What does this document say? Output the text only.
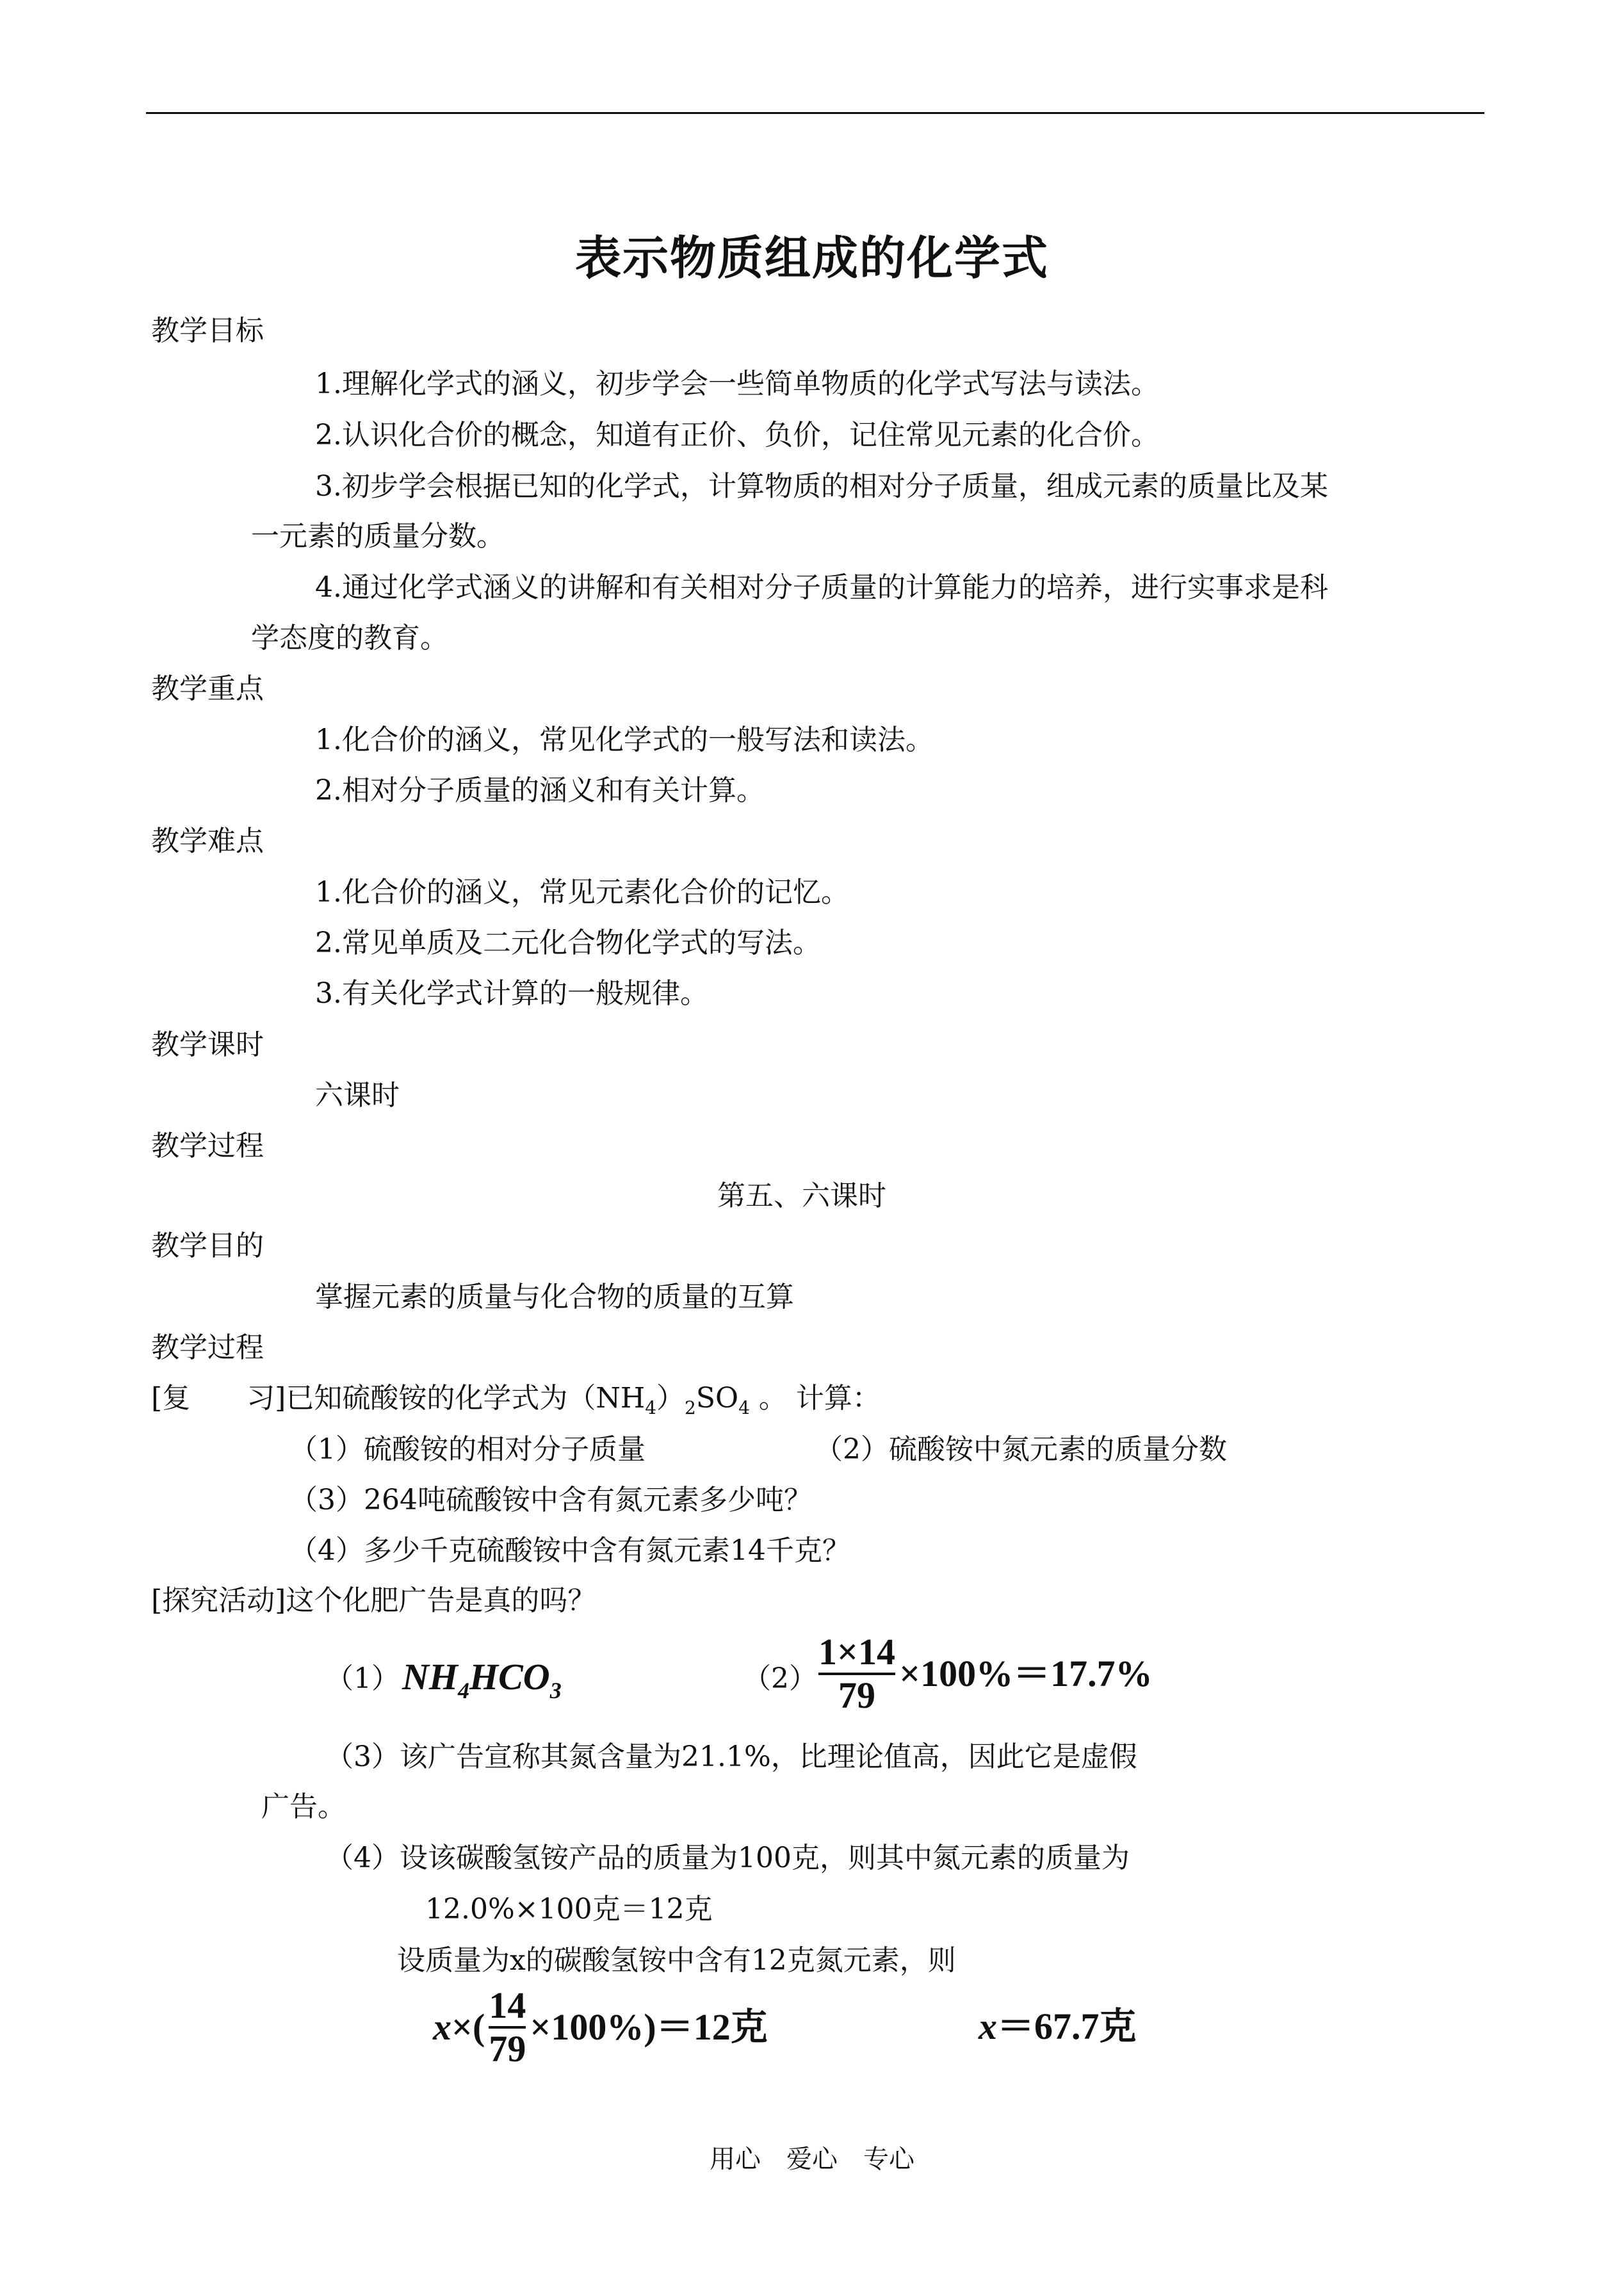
表示物质组成的化学式
教学目标
1.理解化学式的涵义，初步学会一些简单物质的化学式写法与读法。
2.认识化合价的概念，知道有正价、负价，记住常见元素的化合价。
3.初步学会根据已知的化学式，计算物质的相对分子质量，组成元素的质量比及某
一元素的质量分数。
4.通过化学式涵义的讲解和有关相对分子质量的计算能力的培养，进行实事求是科
学态度的教育。
教学重点
1.化合价的涵义，常见化学式的一般写法和读法。
2.相对分子质量的涵义和有关计算。
教学难点
1.化合价的涵义，常见元素化合价的记忆。
2.常见单质及二元化合物化学式的写法。
3.有关化学式计算的一般规律。
教学课时
六课时
教学过程
第五、六课时
教学目的
掌握元素的质量与化合物的质量的互算
教学过程
[复　　习]已知硫酸铵的化学式为$(NH_4)_2SO_4$ 。 计算：
（1）硫酸铵的相对分子质量	（2）硫酸铵中氮元素的质量分数
（3）264吨硫酸铵中含有氮元素多少吨？
（4）多少千克硫酸铵中含有氮元素14千克？
[探究活动]这个化肥广告是真的吗？
（1） $NH_4HCO_3$	$(2) \frac{1\times 14}{79} \times 100\%=17.7\%$
（3）该广告宣称其氮含量为21.1%，比理论值高，因此它是虚假
广告。
（4）设该碳酸氢铵产品的质量为100克，则其中氮元素的质量为
12.0%×100克＝12克
设质量为x的碳酸氢铵中含有12克氮元素，则
x ×( $\frac{14}{79} \times 100\%)=12$克	x＝67.7克
用心　爱心　专心
